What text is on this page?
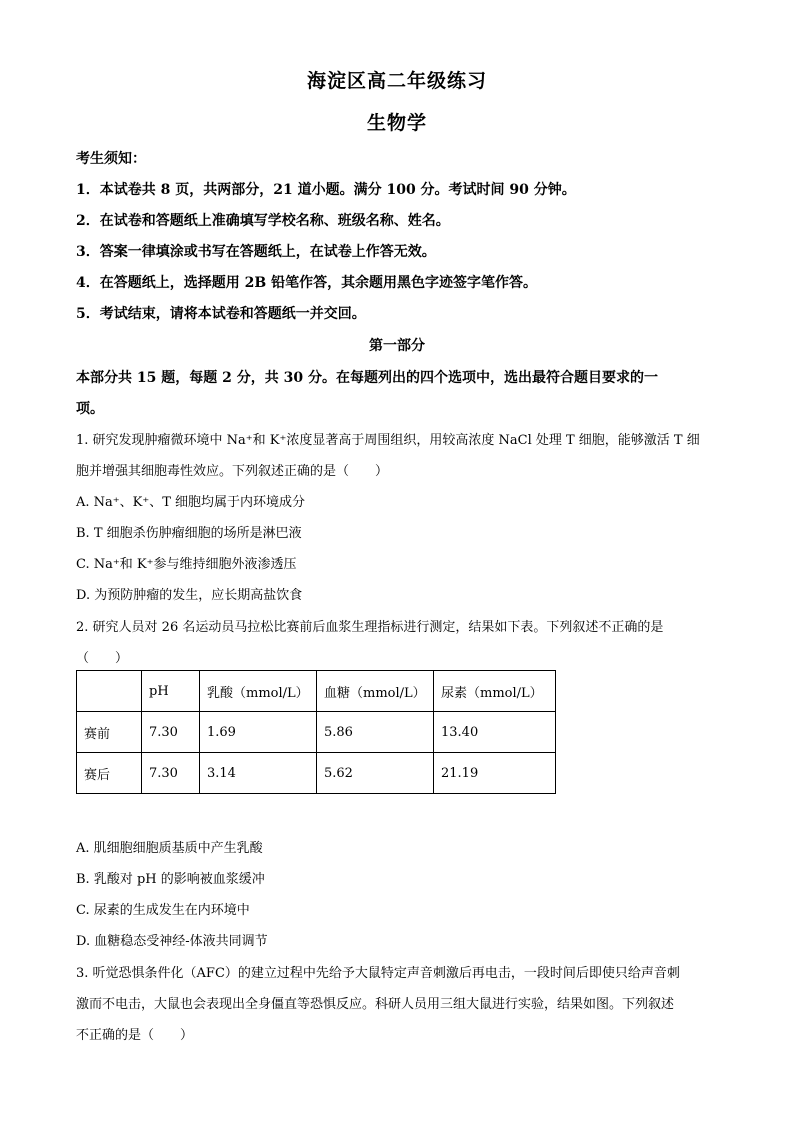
海淀区高二年级练习
生物学
考生须知：
1．本试卷共 8 页，共两部分，21 道小题。满分 100 分。考试时间 90 分钟。
2．在试卷和答题纸上准确填写学校名称、班级名称、姓名。
3．答案一律填涂或书写在答题纸上，在试卷上作答无效。
4．在答题纸上，选择题用 2B 铅笔作答，其余题用黑色字迹签字笔作答。
5．考试结束，请将本试卷和答题纸一并交回。
第一部分
本部分共 15 题，每题 2 分，共 30 分。在每题列出的四个选项中，选出最符合题目要求的一
项。
1. 研究发现肿瘤微环境中 Na⁺和 K⁺浓度显著高于周围组织，用较高浓度 NaCl 处理 T 细胞，能够激活 T 细
胞并增强其细胞毒性效应。下列叙述正确的是（　　）
A. Na⁺、K⁺、T 细胞均属于内环境成分
B. T 细胞杀伤肿瘤细胞的场所是淋巴液
C. Na⁺和 K⁺参与维持细胞外液渗透压
D. 为预防肿瘤的发生，应长期高盐饮食
2. 研究人员对 26 名运动员马拉松比赛前后血浆生理指标进行测定，结果如下表。下列叙述不正确的是
（　　）
	pH	乳酸（mmol/L）	血糖（mmol/L）	尿素（mmol/L）
赛前	7.30	1.69	5.86	13.40
赛后	7.30	3.14	5.62	21.19
A. 肌细胞细胞质基质中产生乳酸
B. 乳酸对 pH 的影响被血浆缓冲
C. 尿素的生成发生在内环境中
D. 血糖稳态受神经-体液共同调节
3. 听觉恐惧条件化（AFC）的建立过程中先给予大鼠特定声音刺激后再电击，一段时间后即使只给声音刺
激而不电击，大鼠也会表现出全身僵直等恐惧反应。科研人员用三组大鼠进行实验，结果如图。下列叙述
不正确的是（　　）
